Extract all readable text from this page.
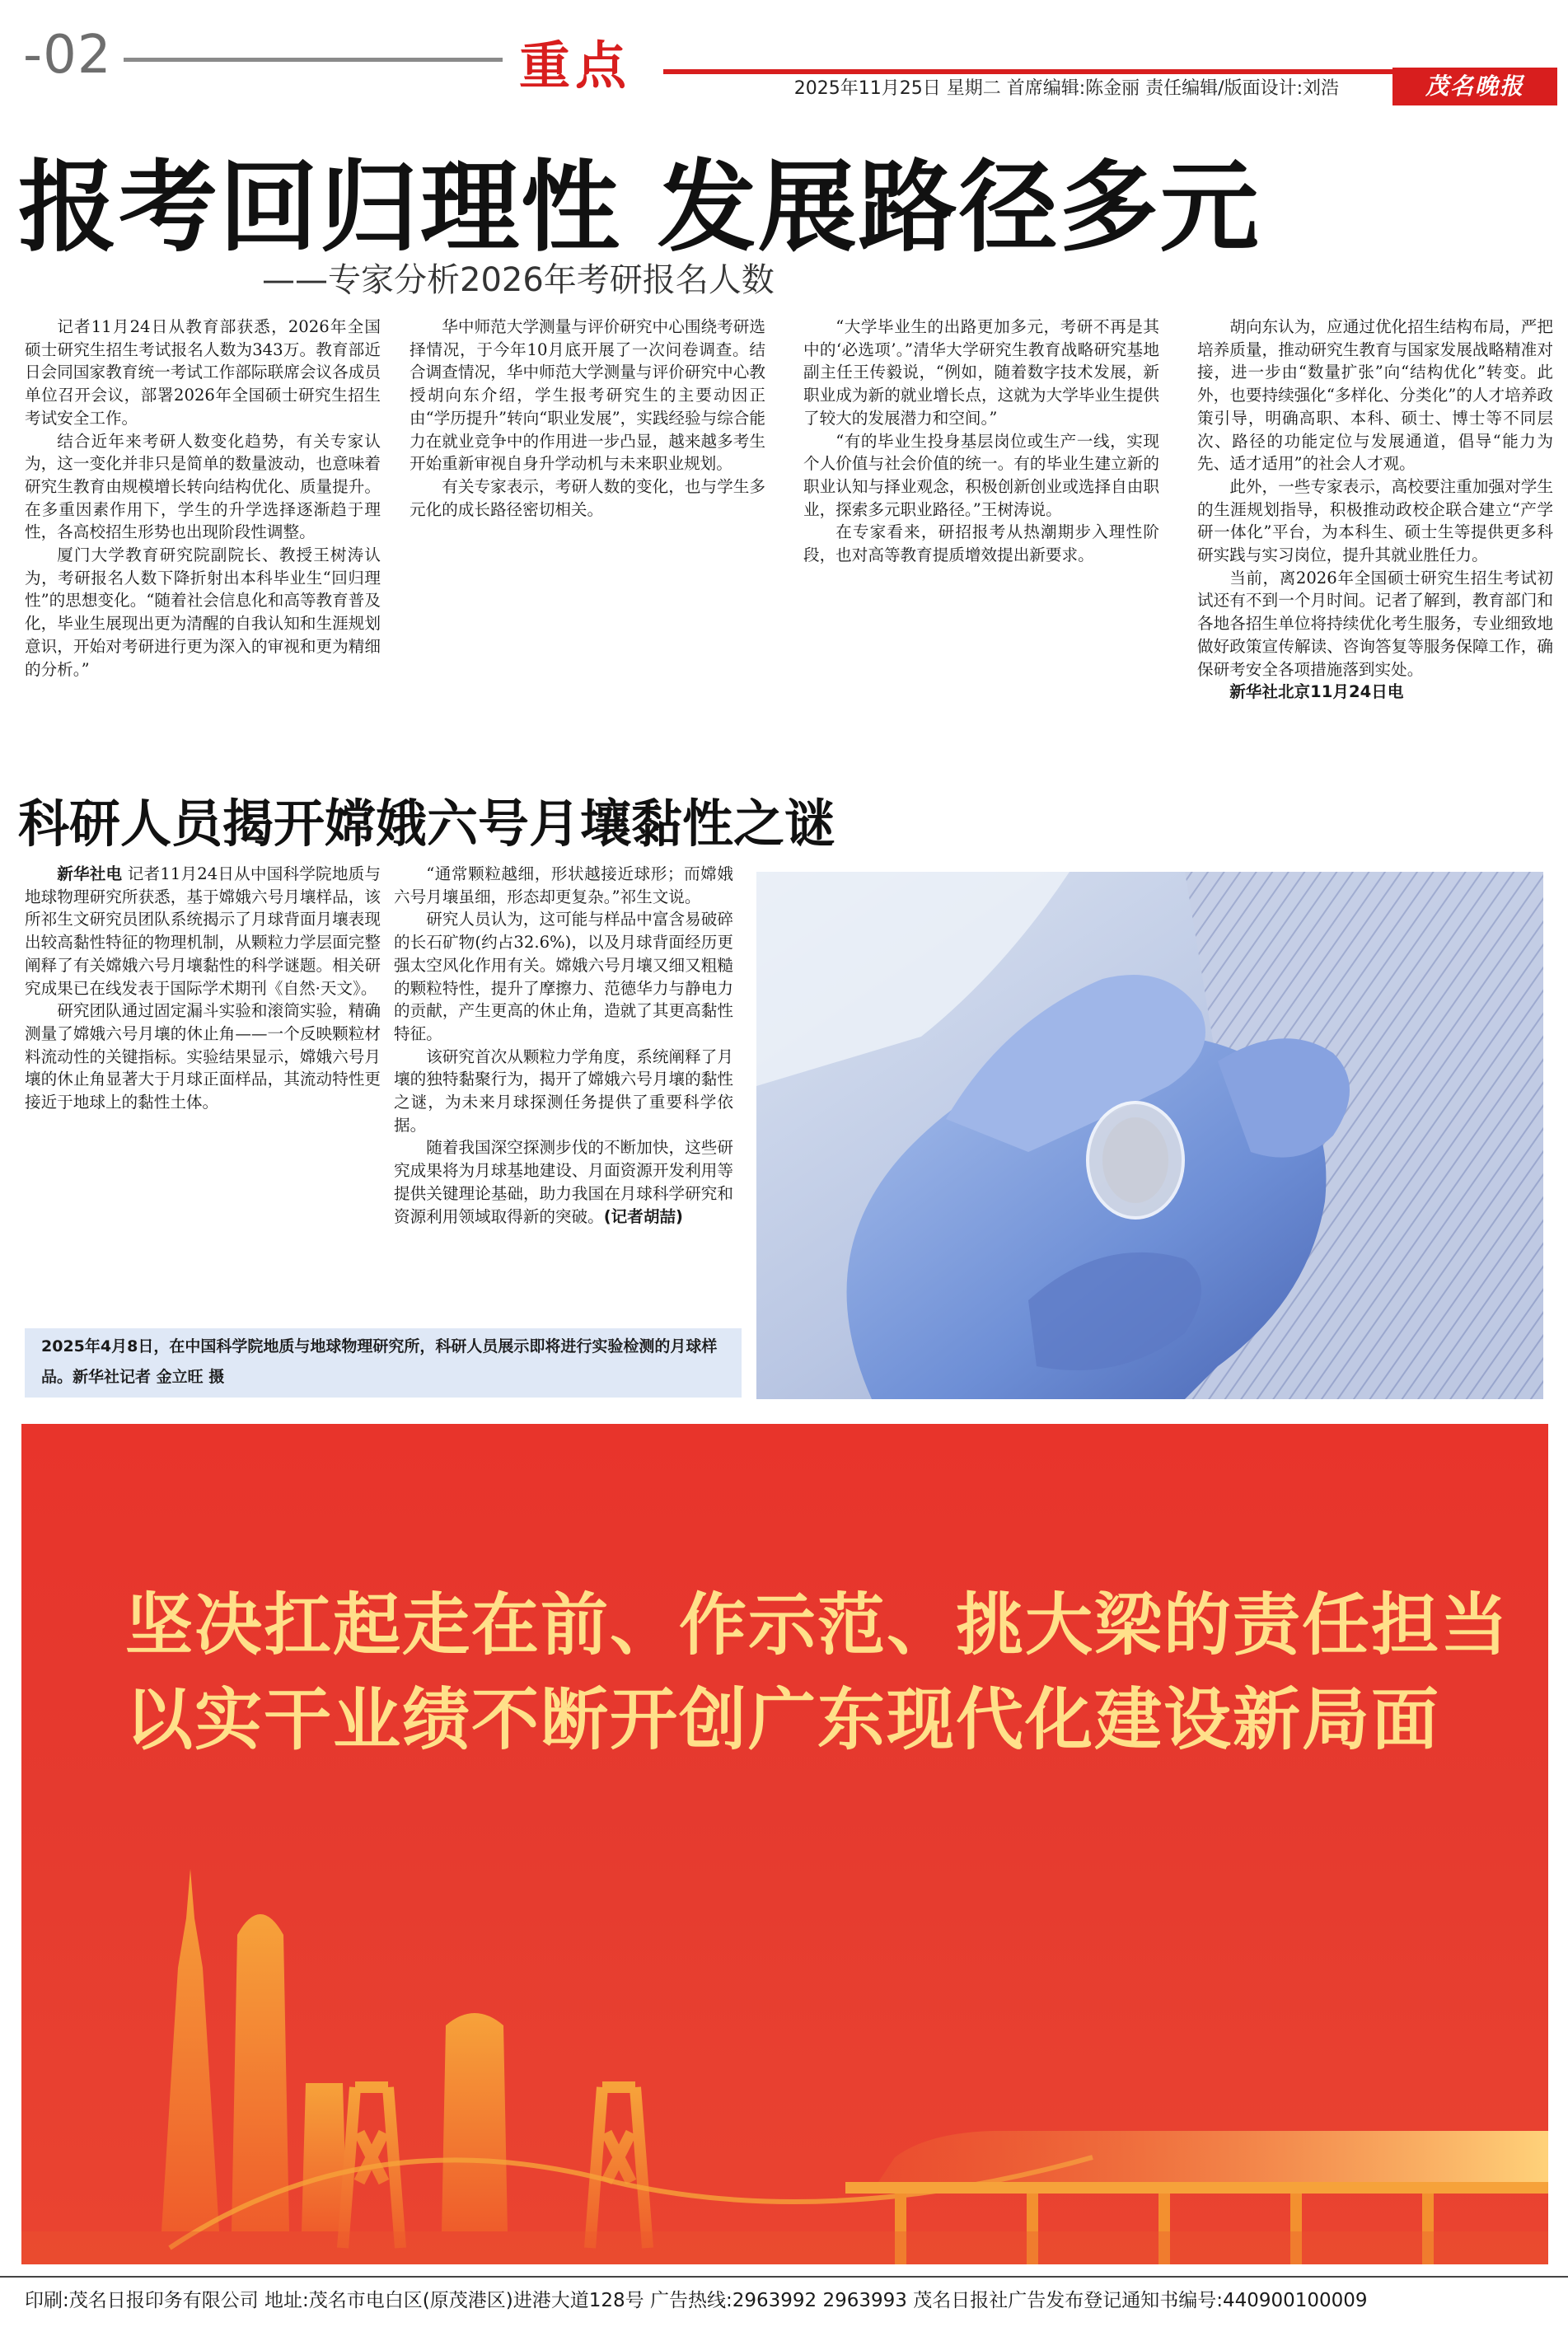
-02	重点	2025年11月25日 星期二 首席编辑:陈金丽 责任编辑/版面设计:刘浩	茂名晚报
报考回归理性 发展路径多元
——专家分析2026年考研报名人数

记者11月24日从教育部获悉，2026年全国硕士研究生招生考试报名人数为343万。教育部近日会同国家教育统一考试工作部际联席会议各成员单位召开会议，部署2026年全国硕士研究生招生考试安全工作。

结合近年来考研人数变化趋势，有关专家认为，这一变化并非只是简单的数量波动，也意味着研究生教育由规模增长转向结构优化、质量提升。在多重因素作用下，学生的升学选择逐渐趋于理性，各高校招生形势也出现阶段性调整。

厦门大学教育研究院副院长、教授王树涛认为，考研报名人数下降折射出本科毕业生“回归理性”的思想变化。“随着社会信息化和高等教育普及化，毕业生展现出更为清醒的自我认知和生涯规划意识，开始对考研进行更为深入的审视和更为精细的分析。”

华中师范大学测量与评价研究中心围绕考研选择情况，于今年10月底开展了一次问卷调查。结合调查情况，华中师范大学测量与评价研究中心教授胡向东介绍，学生报考研究生的主要动因正由“学历提升”转向“职业发展”，实践经验与综合能力在就业竞争中的作用进一步凸显，越来越多考生开始重新审视自身升学动机与未来职业规划。

有关专家表示，考研人数的变化，也与学生多元化的成长路径密切相关。

“大学毕业生的出路更加多元，考研不再是其中的‘必选项’。”清华大学研究生教育战略研究基地副主任王传毅说，“例如，随着数字技术发展，新职业成为新的就业增长点，这就为大学毕业生提供了较大的发展潜力和空间。”

“有的毕业生投身基层岗位或生产一线，实现个人价值与社会价值的统一。有的毕业生建立新的职业认知与择业观念，积极创新创业或选择自由职业，探索多元职业路径。”王树涛说。

在专家看来，研招报考从热潮期步入理性阶段，也对高等教育提质增效提出新要求。

胡向东认为，应通过优化招生结构布局，严把培养质量，推动研究生教育与国家发展战略精准对接，进一步由“数量扩张”向“结构优化”转变。此外，也要持续强化“多样化、分类化”的人才培养政策引导，明确高职、本科、硕士、博士等不同层次、路径的功能定位与发展通道，倡导“能力为先、适才适用”的社会人才观。

此外，一些专家表示，高校要注重加强对学生的生涯规划指导，积极推动政校企联合建立“产学研一体化”平台，为本科生、硕士生等提供更多科研实践与实习岗位，提升其就业胜任力。

当前，离2026年全国硕士研究生招生考试初试还有不到一个月时间。记者了解到，教育部门和各地各招生单位将持续优化考生服务，专业细致地做好政策宣传解读、咨询答复等服务保障工作，确保研考安全各项措施落到实处。

新华社北京11月24日电

科研人员揭开嫦娥六号月壤黏性之谜

新华社电 记者11月24日从中国科学院地质与地球物理研究所获悉，基于嫦娥六号月壤样品，该所祁生文研究员团队系统揭示了月球背面月壤表现出较高黏性特征的物理机制，从颗粒力学层面完整阐释了有关嫦娥六号月壤黏性的科学谜题。相关研究成果已在线发表于国际学术期刊《自然·天文》。

研究团队通过固定漏斗实验和滚筒实验，精确测量了嫦娥六号月壤的休止角——一个反映颗粒材料流动性的关键指标。实验结果显示，嫦娥六号月壤的休止角显著大于月球正面样品，其流动特性更接近于地球上的黏性土体。

“通常颗粒越细，形状越接近球形；而嫦娥六号月壤虽细，形态却更复杂。”祁生文说。

研究人员认为，这可能与样品中富含易破碎的长石矿物(约占32.6%)，以及月球背面经历更强太空风化作用有关。嫦娥六号月壤又细又粗糙的颗粒特性，提升了摩擦力、范德华力与静电力的贡献，产生更高的休止角，造就了其更高黏性特征。

该研究首次从颗粒力学角度，系统阐释了月壤的独特黏聚行为，揭开了嫦娥六号月壤的黏性之谜，为未来月球探测任务提供了重要科学依据。

随着我国深空探测步伐的不断加快，这些研究成果将为月球基地建设、月面资源开发利用等提供关键理论基础，助力我国在月球科学研究和资源利用领域取得新的突破。(记者胡喆)

2025年4月8日，在中国科学院地质与地球物理研究所，科研人员展示即将进行实验检测的月球样品。新华社记者 金立旺 摄
坚决扛起走在前、作示范、挑大梁的责任担当
以实干业绩不断开创广东现代化建设新局面
印刷:茂名日报印务有限公司 地址:茂名市电白区(原茂港区)进港大道128号 广告热线:2963992 2963993 茂名日报社广告发布登记通知书编号:440900100009
